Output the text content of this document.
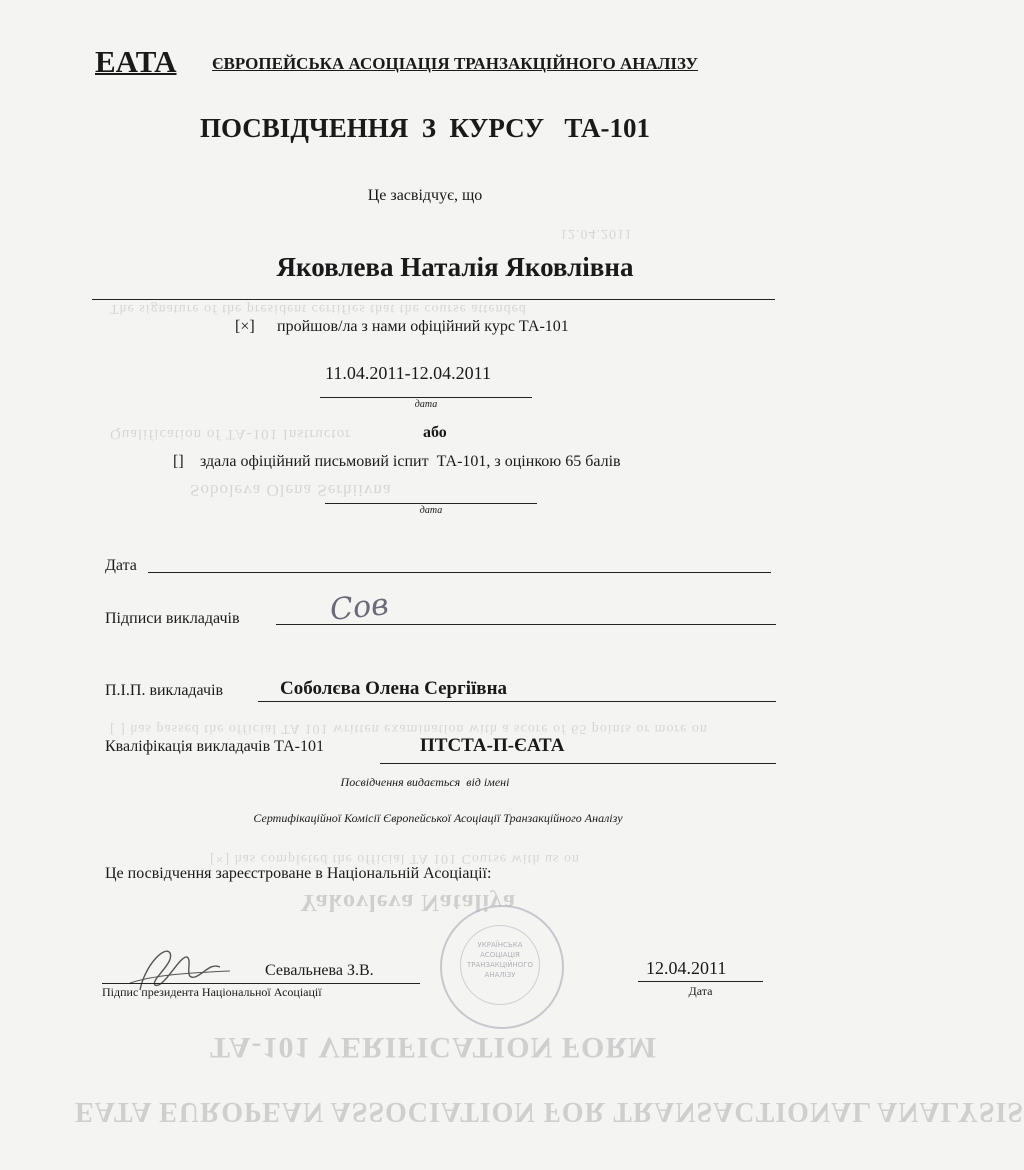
TA-101 VERIFICATION FORM
EATA EUROPEAN ASSOCIATION FOR TRANSACTIONAL ANALYSIS
Yakovleva Nataliya
[×] has completed the official TA 101 Course with us on
[ ] has passed the official TA 101 written examination with a score of 65 points or more on
Qualification of TA-101 Instructor
Soboleva Olena Serhiivna
The signature of the president certifies that the course attended
12.04.2011
EATA ЄВРОПЕЙСЬКА АСОЦІАЦІЯ ТРАНЗАКЦІЙНОГО АНАЛІЗУ
ПОСВІДЧЕННЯ  З  КУРСУ   ТА-101
Це засвідчує, що
Яковлева Наталія Яковлівна
[×] пройшов/ла з нами офіційний курс ТА-101
11.04.2011-12.04.2011
дата
або
[] здала офіційний письмовий іспит  ТА-101, з оцінкою 65 балів
дата
Дата
Підписи викладачів	Сов
П.І.П. викладачів	Соболєва Олена Сергіївна
Кваліфікація викладачів ТА-101	ПТСТА-П-ЄАТА
Посвідчення видається  від імені
Сертифікаційної Комісії Європейської Асоціації Транзакційного Аналізу
Це посвідчення зареєстроване в Національній Асоціації:
УКРАЇНСЬКА
АСОЦІАЦІЯ
ТРАНЗАКЦІЙНОГО
АНАЛІЗУ
Севальнева З.В.
Підпис президента Національної Асоціації
12.04.2011
Дата
